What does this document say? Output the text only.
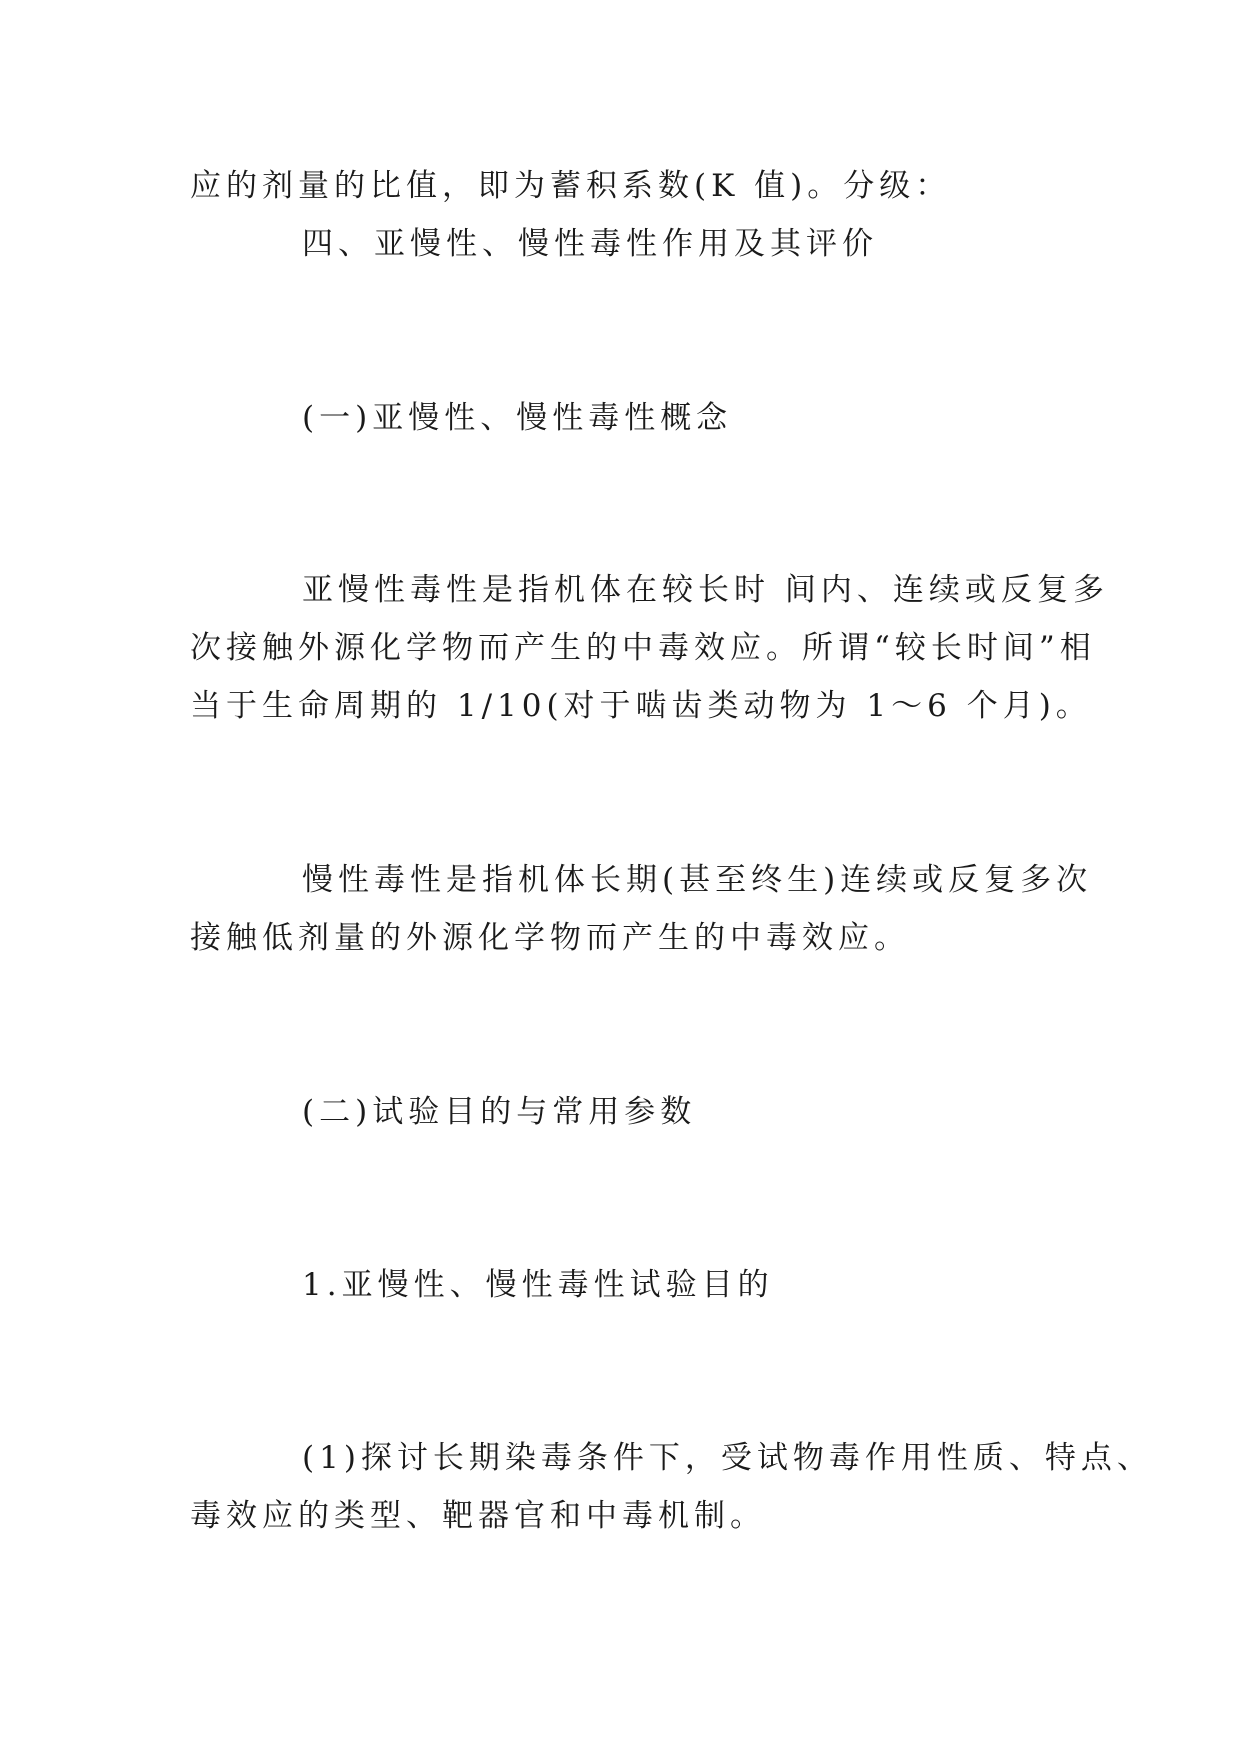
应的剂量的比值，即为蓄积系数(K 值)。分级：
四、亚慢性、慢性毒性作用及其评价
(一)亚慢性、慢性毒性概念
亚慢性毒性是指机体在较长时 间内、连续或反复多
次接触外源化学物而产生的中毒效应。所谓“较长时间”相
当于生命周期的 1/10(对于啮齿类动物为 1～6 个月)。
慢性毒性是指机体长期(甚至终生)连续或反复多次
接触低剂量的外源化学物而产生的中毒效应。
(二)试验目的与常用参数
1.亚慢性、慢性毒性试验目的
(1)探讨长期染毒条件下，受试物毒作用性质、特点、
毒效应的类型、靶器官和中毒机制。
